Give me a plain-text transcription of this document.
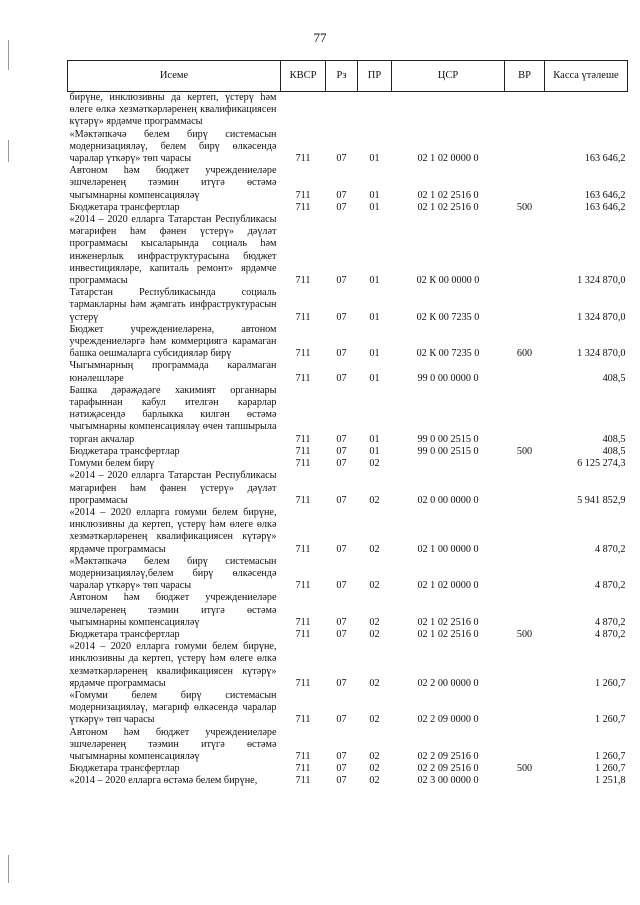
77
Исеме	КВСР	Рз	ПР	ЦСР	ВР	Касса үтәлеше
бирүне, инклюзивны да кертеп, үстерү һәм өлеге өлкә хезмәткәрләренең квалификациясен күтәрү» ярдәмче программасы						
«Мәктәпкәчә белем бирү системасын модернизацияләү, белем бирү өлкәсендә чаралар үткәрү» төп чарасы	711	07	01	02 1 02 0000 0		163 646,2
Автоном һәм бюджет учреждениеләре эшчеләренең тәэмин итүгә өстәмә чыгымнарны компенсацияләү	711	07	01	02 1 02 2516 0		163 646,2
Бюджетара трансфертлар	711	07	01	02 1 02 2516 0	500	163 646,2
«2014 – 2020 елларга Татарстан Республикасы мәгарифен һәм фәнен үстерү» дәүләт программасы кысаларында социаль һәм инженерлык инфраструктурасына бюджет инвестицияләре, капиталь ремонт» ярдәмче программасы	711	07	01	02 К 00 0000 0		1 324 870,0
Татарстан Республикасында социаль тармакларны һәм җәмгать инфраструктурасын үстерү	711	07	01	02 К 00 7235 0		1 324 870,0
Бюджет учреждениеләренә, автоном учреждениеләргә һәм коммерциягә карамаган башка оешмаларга субсидияләр бирү	711	07	01	02 К 00 7235 0	600	1 324 870,0
Чыгымнарның программада каралмаган юнәлешләре	711	07	01	99 0 00 0000 0		408,5
Башка дәрәҗәдәге хакимият органнары тарафыннан кабул ителгән карарлар нәтиҗәсендә барлыкка килгән өстәмә чыгымнарны компенсацияләү өчен тапшырыла торган акчалар	711	07	01	99 0 00 2515 0		408,5
Бюджетара трансфертлар	711	07	01	99 0 00 2515 0	500	408,5
Гомуми белем бирү	711	07	02			6 125 274,3
«2014 – 2020 елларга Татарстан Республикасы мәгарифен һәм фәнен үстерү» дәүләт программасы	711	07	02	02 0 00 0000 0		5 941 852,9
«2014 – 2020 елларга гомуми белем бирүне, инклюзивны да кертеп, үстерү һәм өлеге өлкә хезмәткәрләренең квалификациясен күтәрү» ярдәмче программасы	711	07	02	02 1 00 0000 0		4 870,2
«Мәктәпкәчә белем бирү системасын модернизацияләү,белем бирү өлкәсендә чаралар үткәрү» төп чарасы	711	07	02	02 1 02 0000 0		4 870,2
Автоном һәм бюджет учреждениеләре эшчеләренең тәэмин итүгә өстәмә чыгымнарны компенсацияләү	711	07	02	02 1 02 2516 0		4 870,2
Бюджетара трансфертлар	711	07	02	02 1 02 2516 0	500	4 870,2
«2014 – 2020 елларга гомуми белем бирүне, инклюзивны да кертеп, үстерү һәм өлеге өлкә хезмәткәрләренең квалификациясен күтәрү» ярдәмче программасы	711	07	02	02 2 00 0000 0		1 260,7
«Гомуми белем бирү системасын модернизацияләү, мәгариф өлкәсендә чаралар үткәрү» төп чарасы	711	07	02	02 2 09 0000 0		1 260,7
Автоном һәм бюджет учреждениеләре эшчеләренең тәэмин итүгә өстәмә чыгымнарны компенсацияләү	711	07	02	02 2 09 2516 0		1 260,7
Бюджетара трансфертлар	711	07	02	02 2 09 2516 0	500	1 260,7
«2014 – 2020 елларга өстәмә белем бирүне,	711	07	02	02 3 00 0000 0		1 251,8
